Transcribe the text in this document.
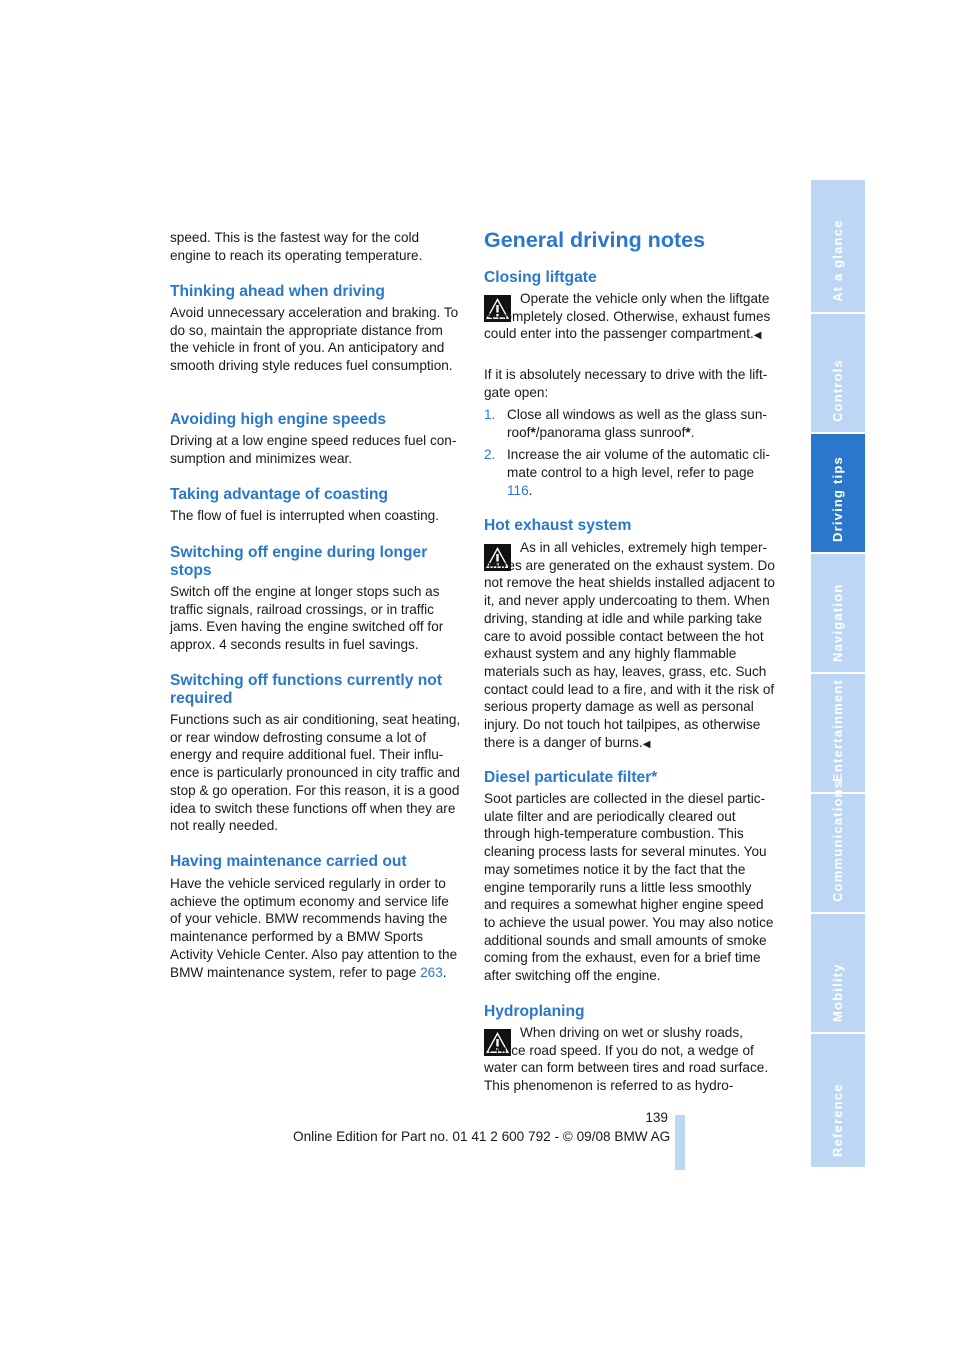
speed. This is the fastest way for the cold engine to reach its operating temperature.

Thinking ahead when driving

Avoid unnecessary acceleration and braking. To do so, maintain the appropriate distance from the vehicle in front of you. An anticipatory and smooth driving style reduces fuel consumption.

Avoiding high engine speeds

Driving at a low engine speed reduces fuel consumption and minimizes wear.

Taking advantage of coasting

The flow of fuel is interrupted when coasting.

Switching off engine during longer stops

Switch off the engine at longer stops such as traffic signals, railroad crossings, or in traffic jams. Even having the engine switched off for approx. 4 seconds results in fuel savings.

Switching off functions currently not required

Functions such as air conditioning, seat heating, or rear window defrosting consume a lot of energy and require additional fuel. Their influence is particularly pronounced in city traffic and stop & go operation. For this reason, it is a good idea to switch these functions off when they are not really needed.

Having maintenance carried out

Have the vehicle serviced regularly in order to achieve the optimum economy and service life of your vehicle. BMW recommends having the maintenance performed by a BMW Sports Activity Vehicle Center. Also pay attention to the BMW maintenance system, refer to page 263.

General driving notes
Closing liftgate

Operate the vehicle only when the liftgate is completely closed. Otherwise, exhaust fumes could enter into the passenger compartment.◀

If it is absolutely necessary to drive with the liftgate open:

1. Close all windows as well as the glass sunroof*/panorama glass sunroof*.
2. Increase the air volume of the automatic climate control to a high level, refer to page 116.
Hot exhaust system

As in all vehicles, extremely high temperatures are generated on the exhaust system. Do not remove the heat shields installed adjacent to it, and never apply undercoating to them. When driving, standing at idle and while parking take care to avoid possible contact between the hot exhaust system and any highly flammable materials such as hay, leaves, grass, etc. Such contact could lead to a fire, and with it the risk of serious property damage as well as personal injury. Do not touch hot tailpipes, as otherwise there is a danger of burns.◀

Diesel particulate filter*

Soot particles are collected in the diesel particulate filter and are periodically cleared out through high-temperature combustion. This cleaning process lasts for several minutes. You may sometimes notice it by the fact that the engine temporarily runs a little less smoothly and requires a somewhat higher engine speed to achieve the usual power. You may also notice additional sounds and small amounts of smoke coming from the exhaust, even for a brief time after switching off the engine.

Hydroplaning

When driving on wet or slushy roads, reduce road speed. If you do not, a wedge of water can form between tires and road surface. This phenomenon is referred to as hydro-

At a glance
Controls
Driving tips
Navigation
Entertainment
Communications
Mobility
Reference
139
Online Edition for Part no. 01 41 2 600 792 - © 09/08 BMW AG
